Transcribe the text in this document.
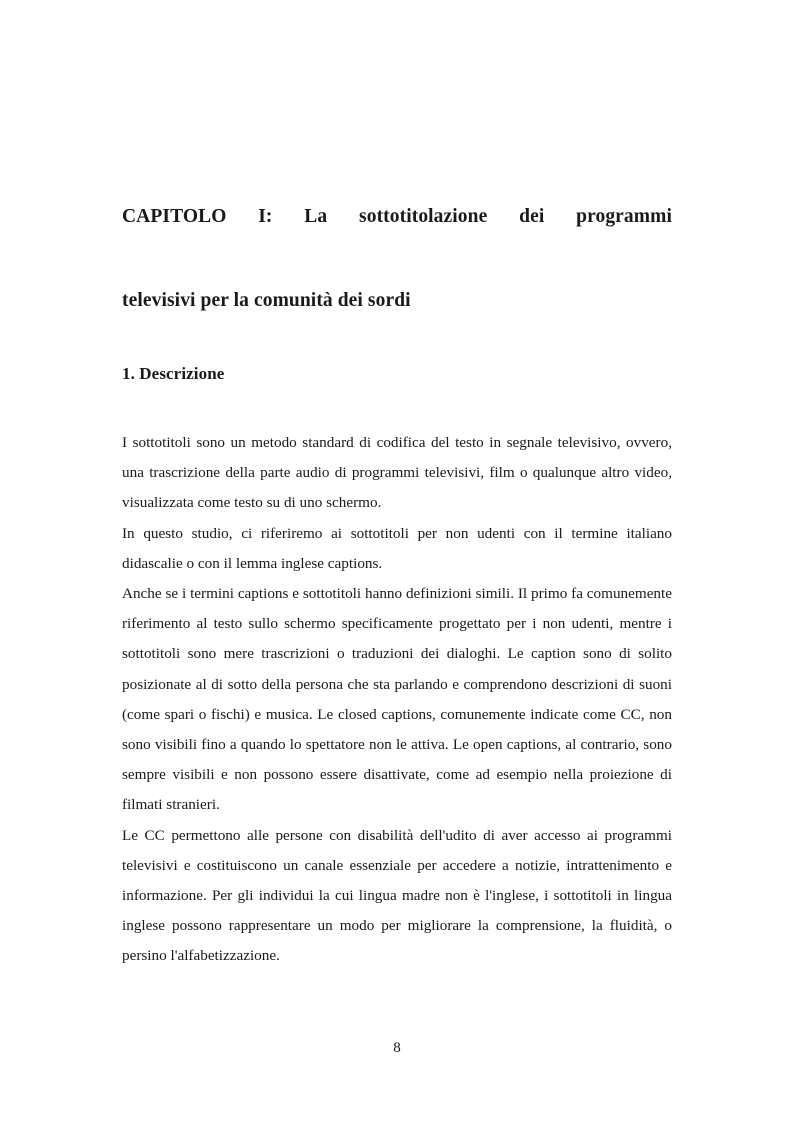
CAPITOLO I: La sottotitolazione dei programmi
televisivi per la comunità dei sordi
1. Descrizione

I sottotitoli sono un metodo standard di codifica del testo in segnale televisivo, ovvero, una trascrizione della parte audio di programmi televisivi, film o qualunque altro video, visualizzata come testo su di uno schermo.

In questo studio, ci riferiremo ai sottotitoli per non udenti con il termine italiano didascalie o con il lemma inglese captions.

Anche se i termini captions e sottotitoli hanno definizioni simili. Il primo fa comunemente riferimento al testo sullo schermo specificamente progettato per i non udenti, mentre i sottotitoli sono mere trascrizioni o traduzioni dei dialoghi. Le caption sono di solito posizionate al di sotto della persona che sta parlando e comprendono descrizioni di suoni (come spari o fischi) e musica. Le closed captions, comunemente indicate come CC, non sono visibili fino a quando lo spettatore non le attiva. Le open captions, al contrario, sono sempre visibili e non possono essere disattivate, come ad esempio nella proiezione di filmati stranieri.

Le CC permettono alle persone con disabilità dell'udito di aver accesso ai programmi televisivi e costituiscono un canale essenziale per accedere a notizie, intrattenimento e informazione. Per gli individui la cui lingua madre non è l'inglese, i sottotitoli in lingua inglese possono rappresentare un modo per migliorare la comprensione, la fluidità, o persino l'alfabetizzazione.

8
